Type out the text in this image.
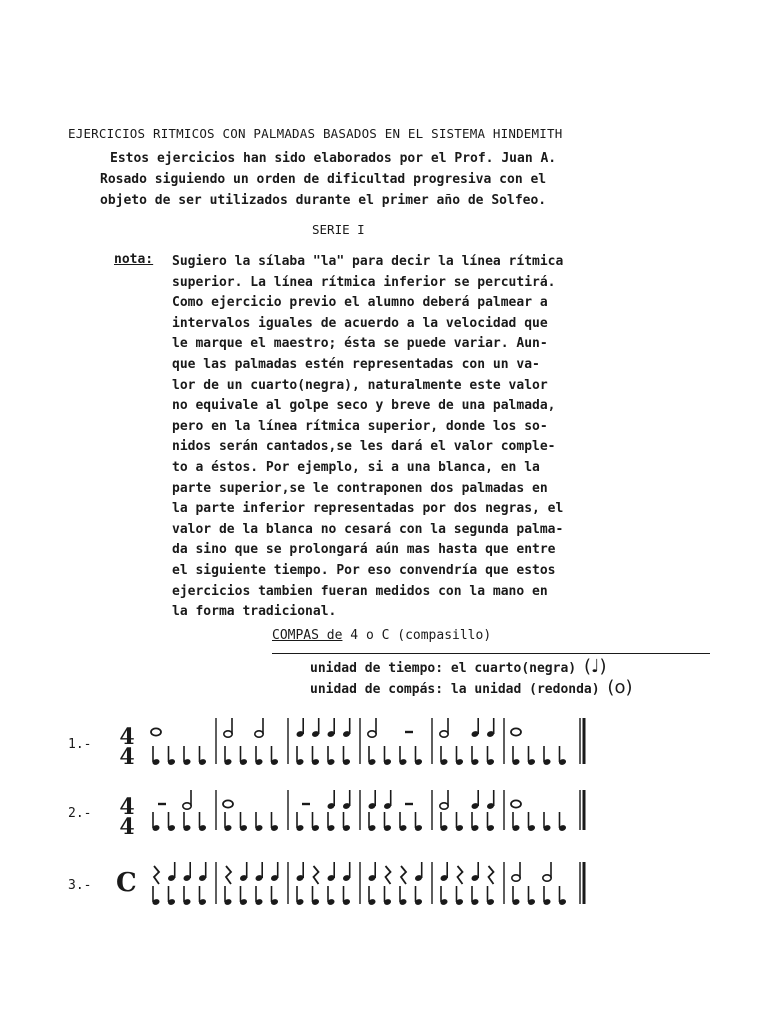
EJERCICIOS RITMICOS CON PALMADAS BASADOS EN EL SISTEMA HINDEMITH
Estos ejercicios han sido elaborados por el Prof. Juan A.
Rosado siguiendo un orden de dificultad progresiva con el
objeto de ser utilizados durante el primer año de Solfeo.
SERIE I
nota: Sugiero la sílaba "la" para decir la línea rítmica
superior. La línea rítmica inferior se percutirá.
Como ejercicio previo el alumno deberá palmear a
intervalos iguales de acuerdo a la velocidad que
le marque el maestro; ésta se puede variar. Aun-
que las palmadas estén representadas con un va-
lor de un cuarto(negra), naturalmente este valor
no equivale al golpe seco y breve de una palmada,
pero en la línea rítmica superior, donde los so-
nidos serán cantados,se les dará el valor comple-
to a éstos. Por ejemplo, si a una blanca, en la
parte superior,se le contraponen dos palmadas en
la parte inferior representadas por dos negras, el
valor de la blanca no cesará con la segunda palma-
da sino que se prolongará aún mas hasta que entre
el siguiente tiempo. Por eso convendría que estos
ejercicios tambien fueran medidos con la mano en
la forma tradicional.
COMPAS de 4 o C (compasillo)
unidad de tiempo: el cuarto(negra) (♩)
unidad de compás: la unidad (redonda) (o)
1.- 4
4
2.- 4
4
3.- C
